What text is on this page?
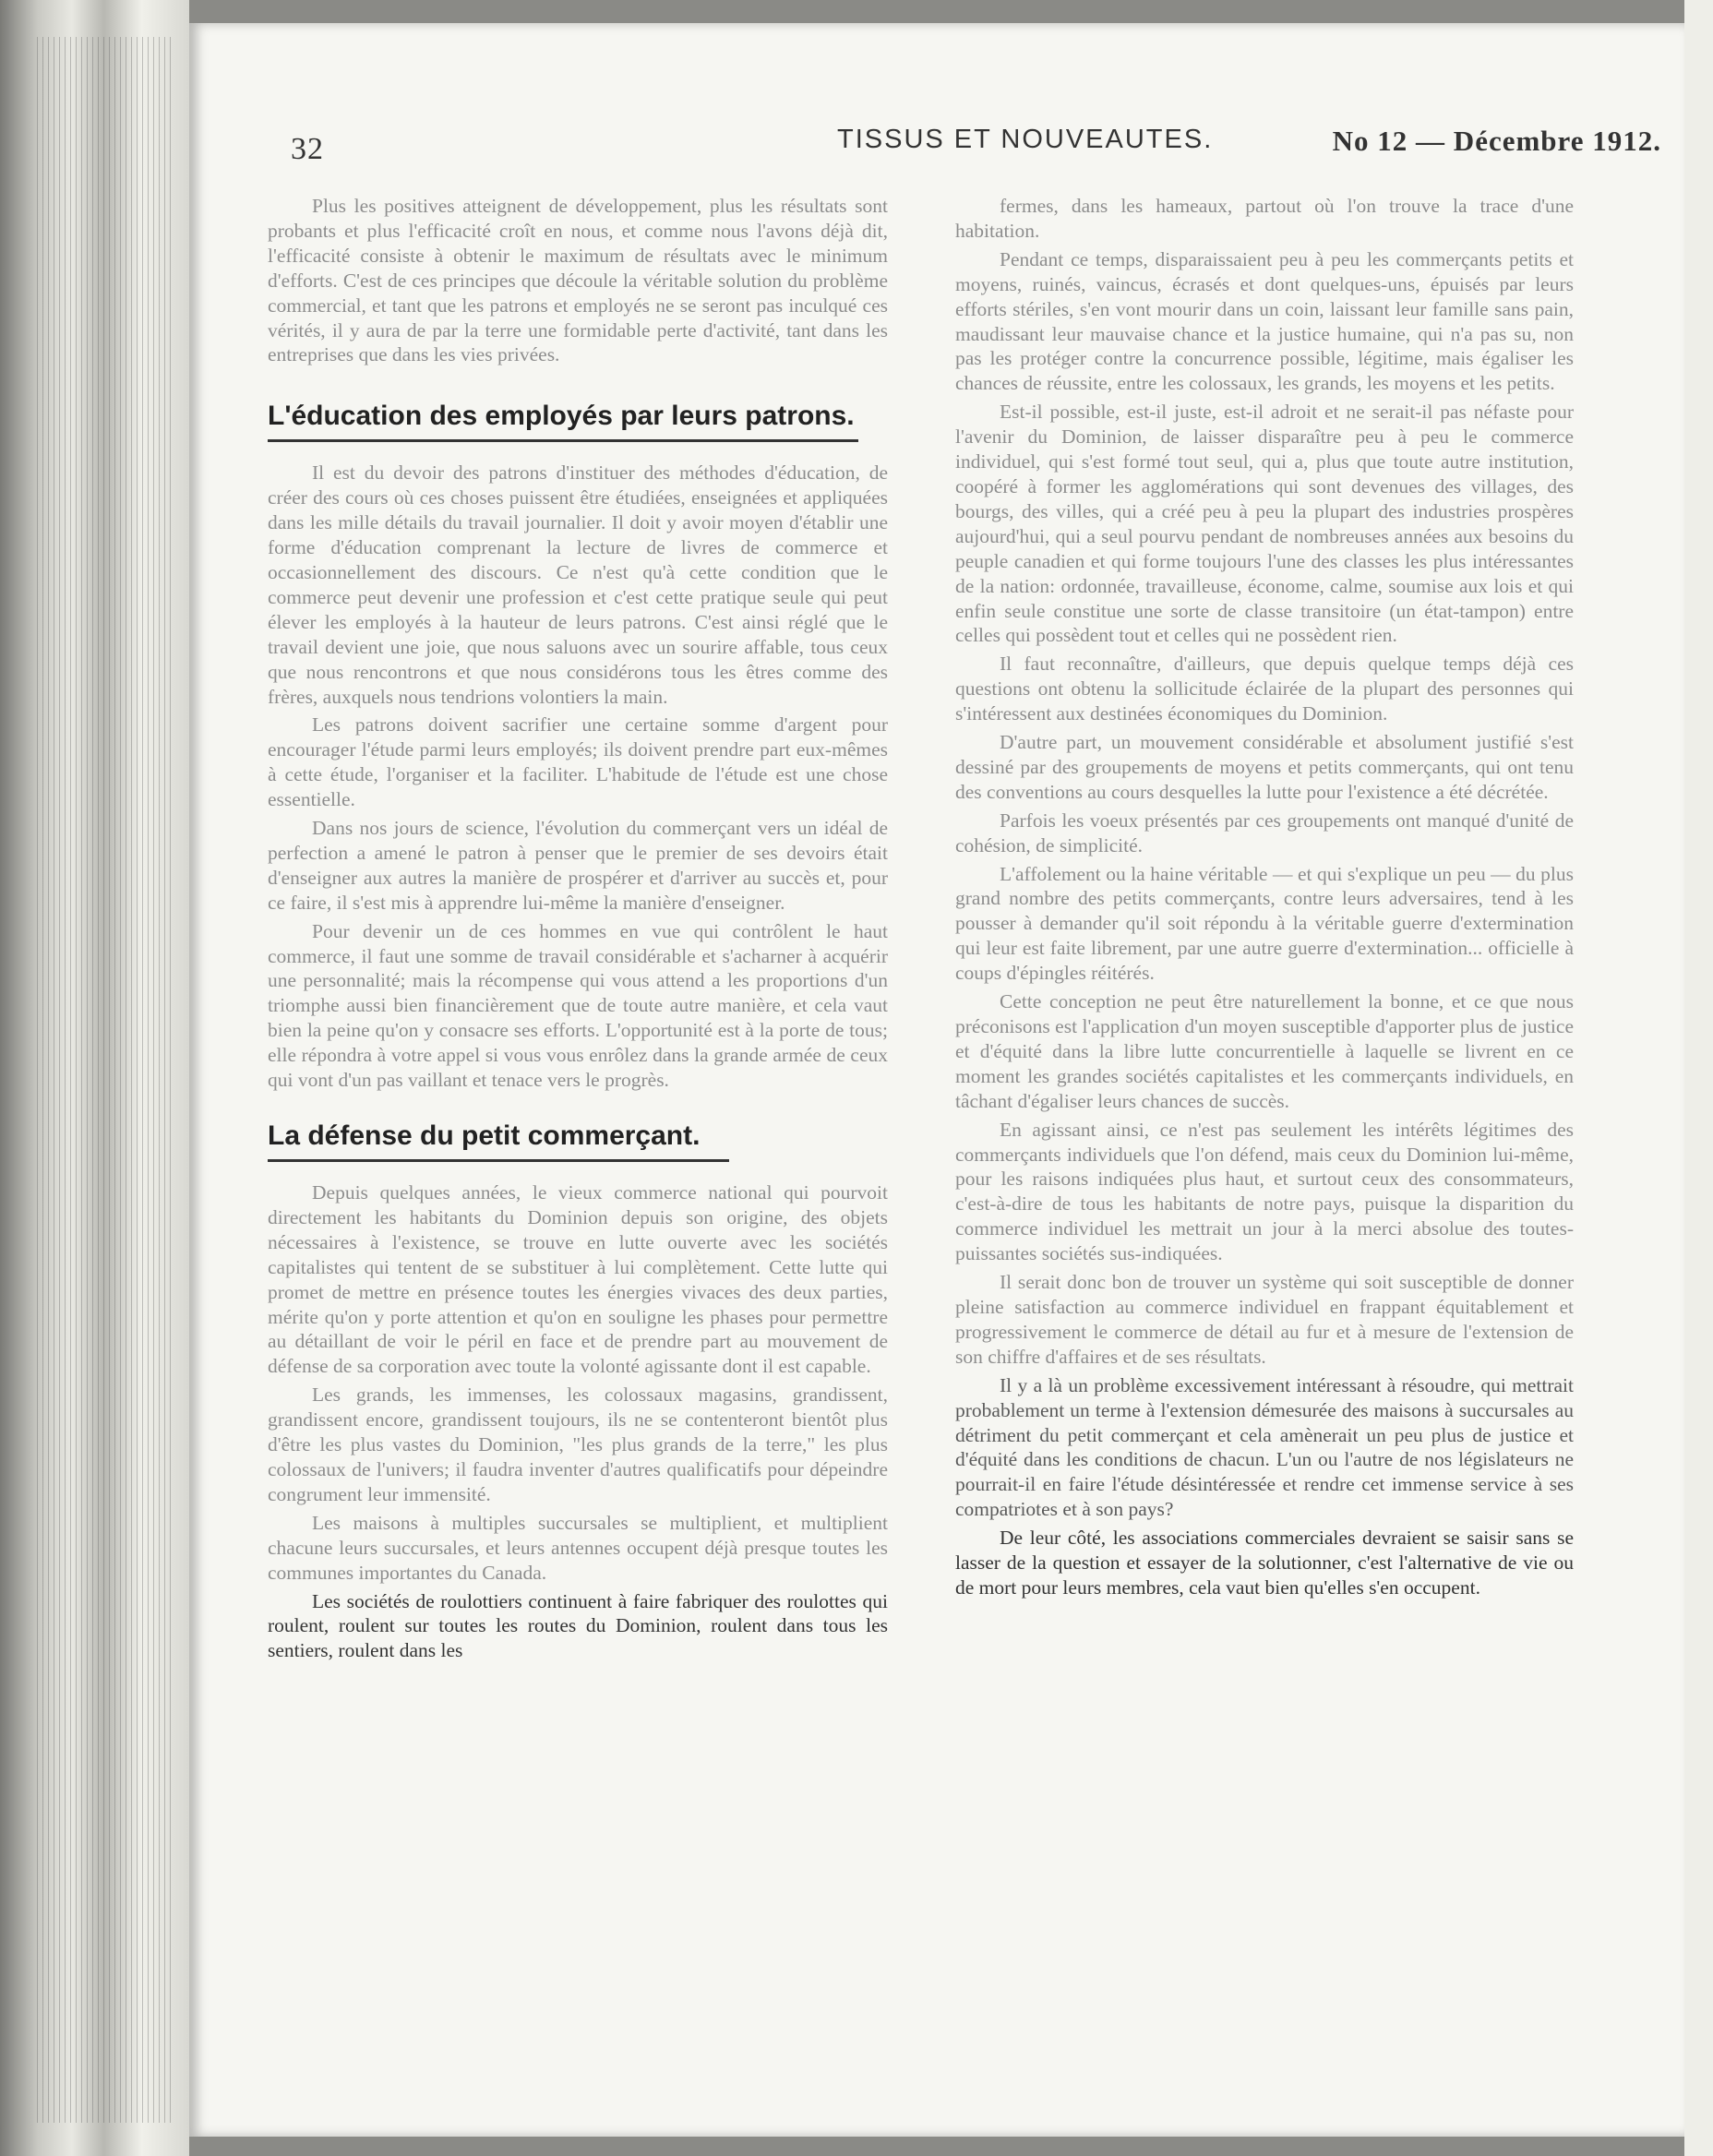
32	TISSUS ET NOUVEAUTES.	No 12 — Décembre 1912.

Plus les positives atteignent de développement, plus les résultats sont probants et plus l'efficacité croît en nous, et comme nous l'avons déjà dit, l'efficacité consiste à obtenir le maximum de résultats avec le minimum d'efforts. C'est de ces principes que découle la véritable solution du problème commercial, et tant que les patrons et employés ne se seront pas inculqué ces vérités, il y aura de par la terre une formidable perte d'activité, tant dans les entreprises que dans les vies privées.

L'éducation des employés par leurs patrons.

Il est du devoir des patrons d'instituer des méthodes d'éducation, de créer des cours où ces choses puissent être étudiées, enseignées et appliquées dans les mille détails du travail journalier. Il doit y avoir moyen d'établir une forme d'éducation comprenant la lecture de livres de commerce et occasionnellement des discours. Ce n'est qu'à cette condition que le commerce peut devenir une profession et c'est cette pratique seule qui peut élever les employés à la hauteur de leurs patrons. C'est ainsi réglé que le travail devient une joie, que nous saluons avec un sourire affable, tous ceux que nous rencontrons et que nous considérons tous les êtres comme des frères, auxquels nous tendrions volontiers la main.

Les patrons doivent sacrifier une certaine somme d'argent pour encourager l'étude parmi leurs employés; ils doivent prendre part eux-mêmes à cette étude, l'organiser et la faciliter. L'habitude de l'étude est une chose essentielle.

Dans nos jours de science, l'évolution du commerçant vers un idéal de perfection a amené le patron à penser que le premier de ses devoirs était d'enseigner aux autres la manière de prospérer et d'arriver au succès et, pour ce faire, il s'est mis à apprendre lui-même la manière d'enseigner.

Pour devenir un de ces hommes en vue qui contrôlent le haut commerce, il faut une somme de travail considérable et s'acharner à acquérir une personnalité; mais la récompense qui vous attend a les proportions d'un triomphe aussi bien financièrement que de toute autre manière, et cela vaut bien la peine qu'on y consacre ses efforts. L'opportunité est à la porte de tous; elle répondra à votre appel si vous vous enrôlez dans la grande armée de ceux qui vont d'un pas vaillant et tenace vers le progrès.

La défense du petit commerçant.

Depuis quelques années, le vieux commerce national qui pourvoit directement les habitants du Dominion depuis son origine, des objets nécessaires à l'existence, se trouve en lutte ouverte avec les sociétés capitalistes qui tentent de se substituer à lui complètement. Cette lutte qui promet de mettre en présence toutes les énergies vivaces des deux parties, mérite qu'on y porte attention et qu'on en souligne les phases pour permettre au détaillant de voir le péril en face et de prendre part au mouvement de défense de sa corporation avec toute la volonté agissante dont il est capable.

Les grands, les immenses, les colossaux magasins, grandissent, grandissent encore, grandissent toujours, ils ne se contenteront bientôt plus d'être les plus vastes du Dominion, "les plus grands de la terre," les plus colossaux de l'univers; il faudra inventer d'autres qualificatifs pour dépeindre congrument leur immensité.

Les maisons à multiples succursales se multiplient, et multiplient chacune leurs succursales, et leurs antennes occupent déjà presque toutes les communes importantes du Canada.

Les sociétés de roulottiers continuent à faire fabriquer des roulottes qui roulent, roulent sur toutes les routes du Dominion, roulent dans tous les sentiers, roulent dans les

fermes, dans les hameaux, partout où l'on trouve la trace d'une habitation.

Pendant ce temps, disparaissaient peu à peu les commerçants petits et moyens, ruinés, vaincus, écrasés et dont quelques-uns, épuisés par leurs efforts stériles, s'en vont mourir dans un coin, laissant leur famille sans pain, maudissant leur mauvaise chance et la justice humaine, qui n'a pas su, non pas les protéger contre la concurrence possible, légitime, mais égaliser les chances de réussite, entre les colossaux, les grands, les moyens et les petits.

Est-il possible, est-il juste, est-il adroit et ne serait-il pas néfaste pour l'avenir du Dominion, de laisser disparaître peu à peu le commerce individuel, qui s'est formé tout seul, qui a, plus que toute autre institution, coopéré à former les agglomérations qui sont devenues des villages, des bourgs, des villes, qui a créé peu à peu la plupart des industries prospères aujourd'hui, qui a seul pourvu pendant de nombreuses années aux besoins du peuple canadien et qui forme toujours l'une des classes les plus intéressantes de la nation: ordonnée, travailleuse, économe, calme, soumise aux lois et qui enfin seule constitue une sorte de classe transitoire (un état-tampon) entre celles qui possèdent tout et celles qui ne possèdent rien.

Il faut reconnaître, d'ailleurs, que depuis quelque temps déjà ces questions ont obtenu la sollicitude éclairée de la plupart des personnes qui s'intéressent aux destinées économiques du Dominion.

D'autre part, un mouvement considérable et absolument justifié s'est dessiné par des groupements de moyens et petits commerçants, qui ont tenu des conventions au cours desquelles la lutte pour l'existence a été décrétée.

Parfois les voeux présentés par ces groupements ont manqué d'unité de cohésion, de simplicité.

L'affolement ou la haine véritable — et qui s'explique un peu — du plus grand nombre des petits commerçants, contre leurs adversaires, tend à les pousser à demander qu'il soit répondu à la véritable guerre d'extermination qui leur est faite librement, par une autre guerre d'extermination... officielle à coups d'épingles réitérés.

Cette conception ne peut être naturellement la bonne, et ce que nous préconisons est l'application d'un moyen susceptible d'apporter plus de justice et d'équité dans la libre lutte concurrentielle à laquelle se livrent en ce moment les grandes sociétés capitalistes et les commerçants individuels, en tâchant d'égaliser leurs chances de succès.

En agissant ainsi, ce n'est pas seulement les intérêts légitimes des commerçants individuels que l'on défend, mais ceux du Dominion lui-même, pour les raisons indiquées plus haut, et surtout ceux des consommateurs, c'est-à-dire de tous les habitants de notre pays, puisque la disparition du commerce individuel les mettrait un jour à la merci absolue des toutes-puissantes sociétés sus-indiquées.

Il serait donc bon de trouver un système qui soit susceptible de donner pleine satisfaction au commerce individuel en frappant équitablement et progressivement le commerce de détail au fur et à mesure de l'extension de son chiffre d'affaires et de ses résultats.

Il y a là un problème excessivement intéressant à résoudre, qui mettrait probablement un terme à l'extension démesurée des maisons à succursales au détriment du petit commerçant et cela amènerait un peu plus de justice et d'équité dans les conditions de chacun. L'un ou l'autre de nos législateurs ne pourrait-il en faire l'étude désintéressée et rendre cet immense service à ses compatriotes et à son pays?

De leur côté, les associations commerciales devraient se saisir sans se lasser de la question et essayer de la solutionner, c'est l'alternative de vie ou de mort pour leurs membres, cela vaut bien qu'elles s'en occupent.
